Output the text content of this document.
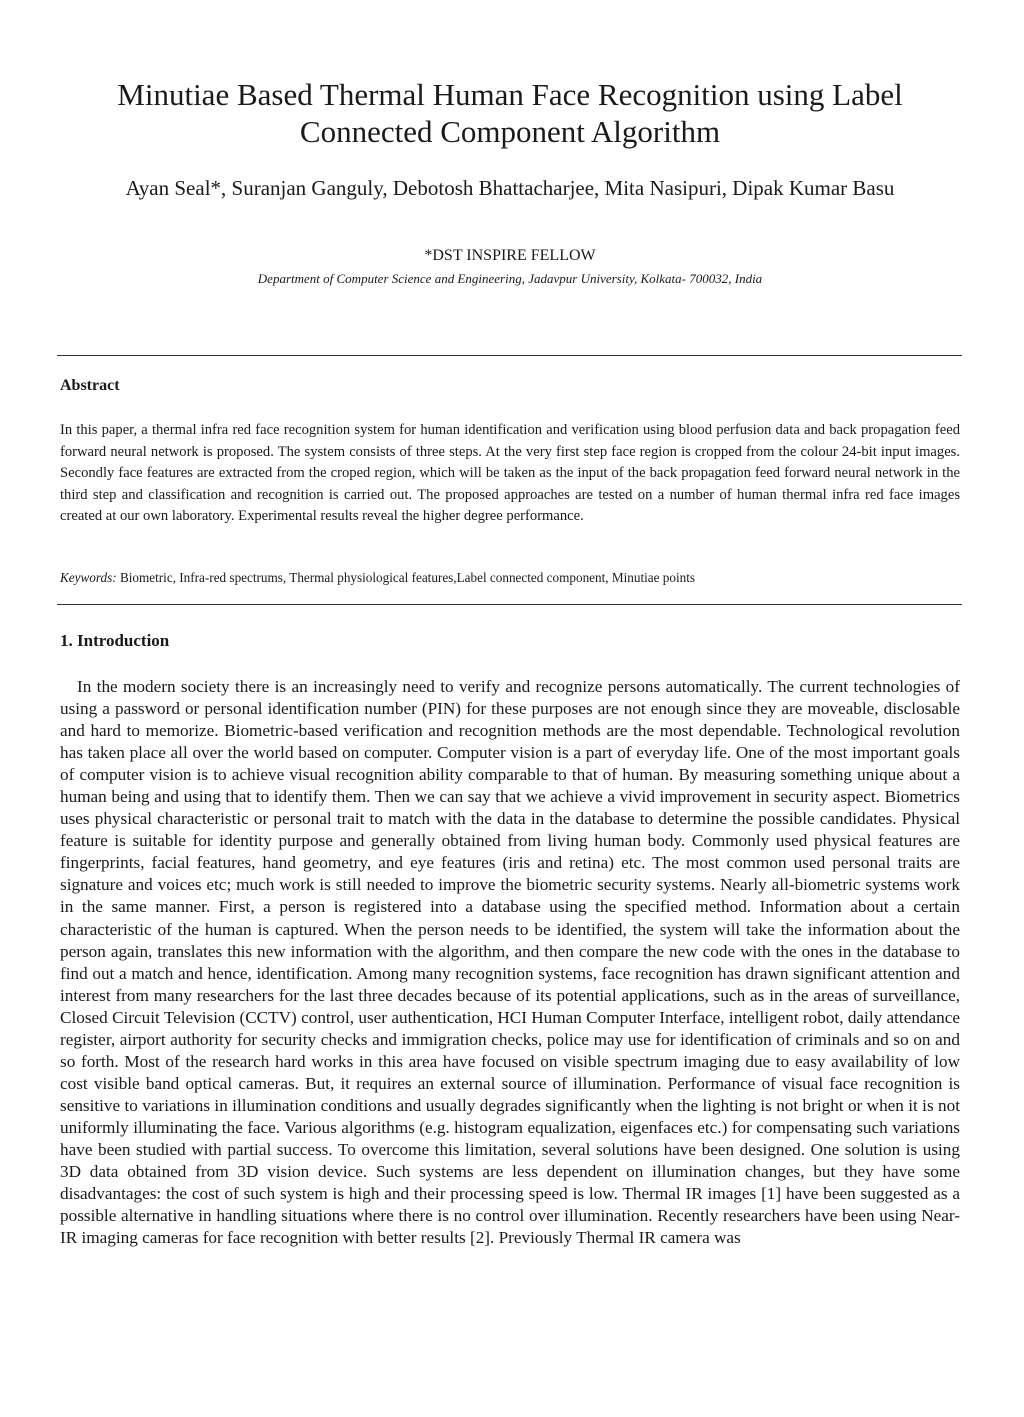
Minutiae Based Thermal Human Face Recognition using Label Connected Component Algorithm

Ayan Seal*, Suranjan Ganguly, Debotosh Bhattacharjee, Mita Nasipuri, Dipak Kumar Basu

*DST INSPIRE FELLOW

Department of Computer Science and Engineering, Jadavpur University, Kolkata- 700032, India

Abstract

In this paper, a thermal infra red face recognition system for human identification and verification using blood perfusion data and back propagation feed forward neural network is proposed. The system consists of three steps. At the very first step face region is cropped from the colour 24-bit input images. Secondly face features are extracted from the croped region, which will be taken as the input of the back propagation feed forward neural network in the third step and classification and recognition is carried out. The proposed approaches are tested on a number of human thermal infra red face images created at our own laboratory. Experimental results reveal the higher degree performance.

Keywords: Biometric, Infra-red spectrums, Thermal physiological features,Label connected component, Minutiae points

1. Introduction

In the modern society there is an increasingly need to verify and recognize persons automatically. The current technologies of using a password or personal identification number (PIN) for these purposes are not enough since they are moveable, disclosable and hard to memorize. Biometric-based verification and recognition methods are the most dependable. Technological revolution has taken place all over the world based on computer. Computer vision is a part of everyday life. One of the most important goals of computer vision is to achieve visual recognition ability comparable to that of human. By measuring something unique about a human being and using that to identify them. Then we can say that we achieve a vivid improvement in security aspect. Biometrics uses physical characteristic or personal trait to match with the data in the database to determine the possible candidates. Physical feature is suitable for identity purpose and generally obtained from living human body. Commonly used physical features are fingerprints, facial features, hand geometry, and eye features (iris and retina) etc. The most common used personal traits are signature and voices etc; much work is still needed to improve the biometric security systems. Nearly all-biometric systems work in the same manner. First, a person is registered into a database using the specified method. Information about a certain characteristic of the human is captured. When the person needs to be identified, the system will take the information about the person again, translates this new information with the algorithm, and then compare the new code with the ones in the database to find out a match and hence, identification. Among many recognition systems, face recognition has drawn significant attention and interest from many researchers for the last three decades because of its potential applications, such as in the areas of surveillance, Closed Circuit Television (CCTV) control, user authentication, HCI Human Computer Interface, intelligent robot, daily attendance register, airport authority for security checks and immigration checks, police may use for identification of criminals and so on and so forth. Most of the research hard works in this area have focused on visible spectrum imaging due to easy availability of low cost visible band optical cameras. But, it requires an external source of illumination. Performance of visual face recognition is sensitive to variations in illumination conditions and usually degrades significantly when the lighting is not bright or when it is not uniformly illuminating the face. Various algorithms (e.g. histogram equalization, eigenfaces etc.) for compensating such variations have been studied with partial success. To overcome this limitation, several solutions have been designed. One solution is using 3D data obtained from 3D vision device. Such systems are less dependent on illumination changes, but they have some disadvantages: the cost of such system is high and their processing speed is low. Thermal IR images [1] have been suggested as a possible alternative in handling situations where there is no control over illumination. Recently researchers have been using Near-IR imaging cameras for face recognition with better results [2]. Previously Thermal IR camera was
